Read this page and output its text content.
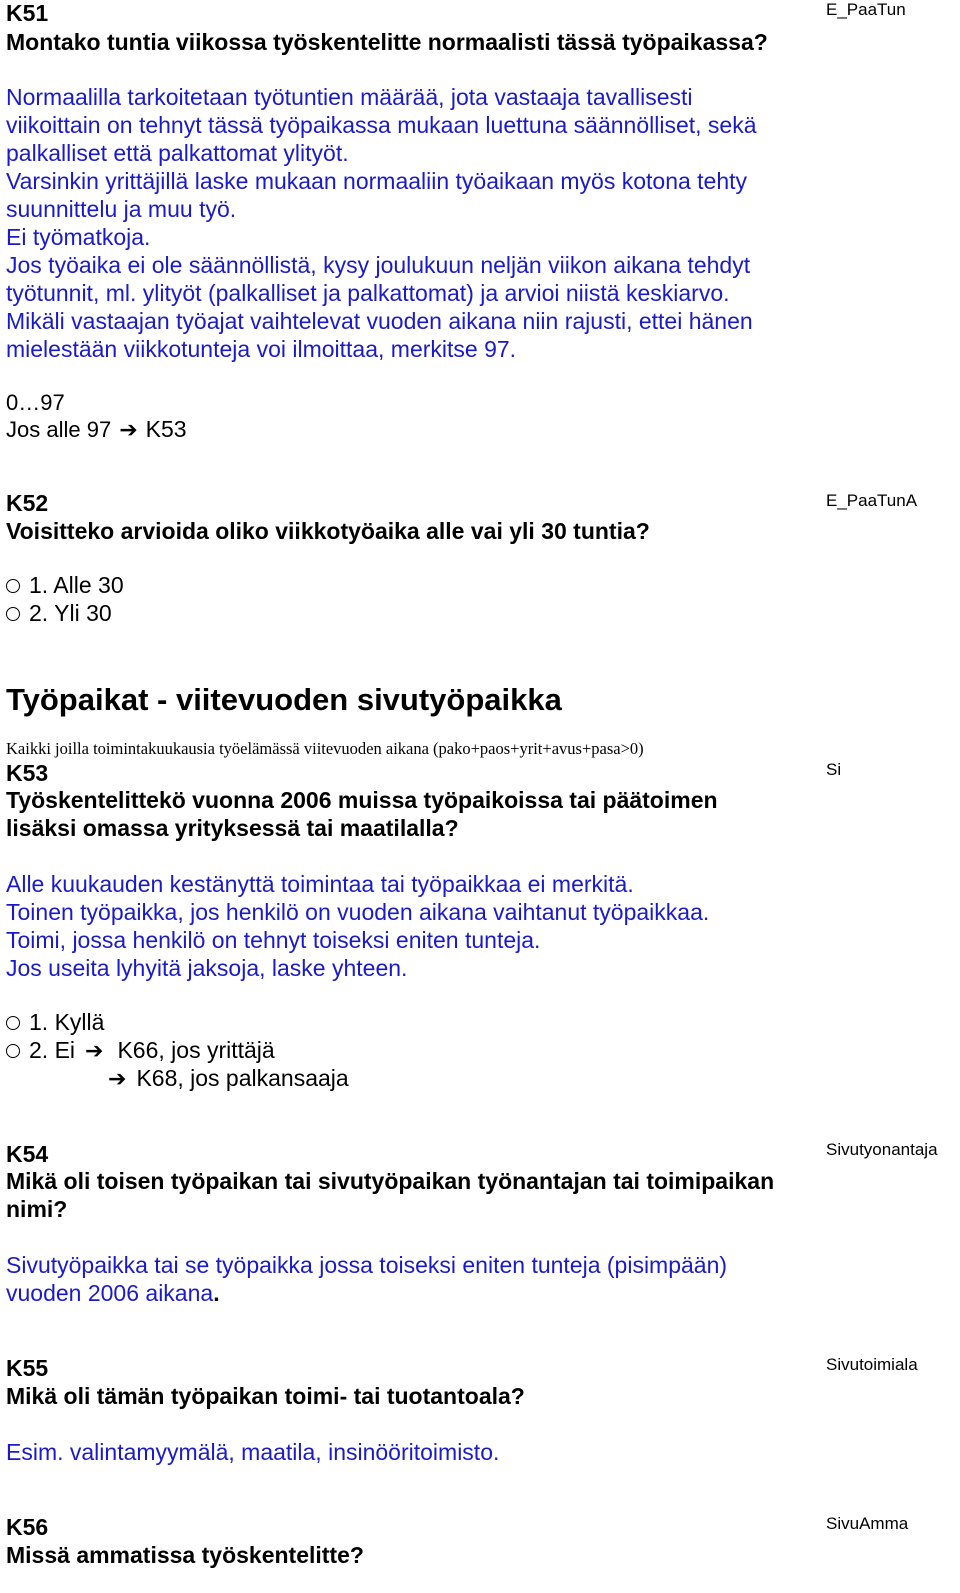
K51	E_PaaTun
Montako tuntia viikossa työskentelitte normaalisti tässä työpaikassa?
Normaalilla tarkoitetaan työtuntien määrää, jota vastaaja tavallisesti
viikoittain on tehnyt tässä työpaikassa mukaan luettuna säännölliset, sekä
palkalliset että palkattomat ylityöt.
Varsinkin yrittäjillä laske mukaan normaaliin työaikaan myös kotona tehty
suunnittelu ja muu työ.
Ei työmatkoja.
Jos työaika ei ole säännöllistä, kysy joulukuun neljän viikon aikana tehdyt
työtunnit, ml. ylityöt (palkalliset ja palkattomat) ja arvioi niistä keskiarvo.
Mikäli vastaajan työajat vaihtelevat vuoden aikana niin rajusti, ettei hänen
mielestään viikkotunteja voi ilmoittaa, merkitse 97.
0…97
Jos alle 97 ➔ K53
K52	E_PaaTunA
Voisitteko arvioida oliko viikkotyöaika alle vai yli 30 tuntia?
1. Alle 30
2. Yli 30
Työpaikat - viitevuoden sivutyöpaikka
Kaikki joilla toimintakuukausia työelämässä viitevuoden aikana (pako+paos+yrit+avus+pasa>0)
K53	Si
Työskentelittekö vuonna 2006 muissa työpaikoissa tai päätoimen
lisäksi omassa yrityksessä tai maatilalla?
Alle kuukauden kestänyttä toimintaa tai työpaikkaa ei merkitä.
Toinen työpaikka, jos henkilö on vuoden aikana vaihtanut työpaikkaa.
Toimi, jossa henkilö on tehnyt toiseksi eniten tunteja.
Jos useita lyhyitä jaksoja, laske yhteen.
1. Kyllä
2. Ei ➔ K66, jos yrittäjä
➔ K68, jos palkansaaja
K54	Sivutyonantaja
Mikä oli toisen työpaikan tai sivutyöpaikan työnantajan tai toimipaikan
nimi?
Sivutyöpaikka tai se työpaikka jossa toiseksi eniten tunteja (pisimpään)
vuoden 2006 aikana.
K55	Sivutoimiala
Mikä oli tämän työpaikan toimi- tai tuotantoala?
Esim. valintamyymälä, maatila, insinööritoimisto.
K56	SivuAmma
Missä ammatissa työskentelitte?
